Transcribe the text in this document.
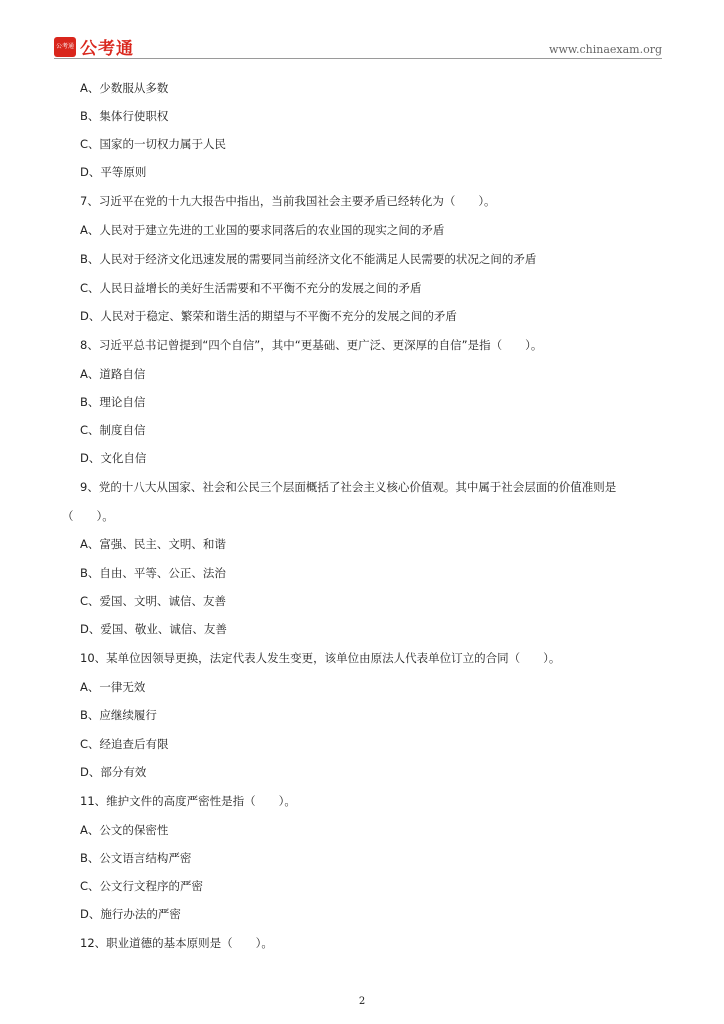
公考通 公考通	www.chinaexam.org
A、少数服从多数
B、集体行使职权
C、国家的一切权力属于人民
D、平等原则
7、习近平在党的十九大报告中指出，当前我国社会主要矛盾已经转化为（　　）。
A、人民对于建立先进的工业国的要求同落后的农业国的现实之间的矛盾
B、人民对于经济文化迅速发展的需要同当前经济文化不能满足人民需要的状况之间的矛盾
C、人民日益增长的美好生活需要和不平衡不充分的发展之间的矛盾
D、人民对于稳定、繁荣和谐生活的期望与不平衡不充分的发展之间的矛盾
8、习近平总书记曾提到“四个自信”，其中“更基础、更广泛、更深厚的自信”是指（　　）。
A、道路自信
B、理论自信
C、制度自信
D、文化自信
9、党的十八大从国家、社会和公民三个层面概括了社会主义核心价值观。其中属于社会层面的价值准则是
（　　）。
A、富强、民主、文明、和谐
B、自由、平等、公正、法治
C、爱国、文明、诚信、友善
D、爱国、敬业、诚信、友善
10、某单位因领导更换，法定代表人发生变更，该单位由原法人代表单位订立的合同（　　）。
A、一律无效
B、应继续履行
C、经追查后有限
D、部分有效
11、维护文件的高度严密性是指（　　）。
A、公文的保密性
B、公文语言结构严密
C、公文行文程序的严密
D、施行办法的严密
12、职业道德的基本原则是（　　）。
2
